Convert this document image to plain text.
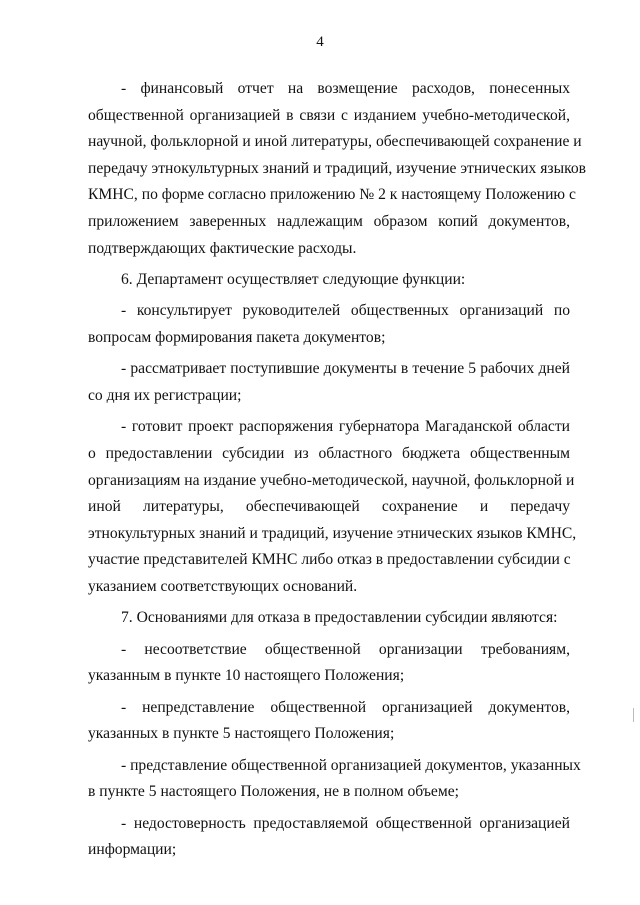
4

- финансовый отчет на возмещение расходов, понесенных
общественной организацией в связи с изданием учебно-методической,
научной, фольклорной и иной литературы, обеспечивающей сохранение и
передачу этнокультурных знаний и традиций, изучение этнических языков
КМНС, по форме согласно приложению № 2 к настоящему Положению с
приложением заверенных надлежащим образом копий документов,
подтверждающих фактические расходы.

6. Департамент осуществляет следующие функции:

- консультирует руководителей общественных организаций по
вопросам формирования пакета документов;

- рассматривает поступившие документы в течение 5 рабочих дней
со дня их регистрации;

- готовит проект распоряжения губернатора Магаданской области
о предоставлении субсидии из областного бюджета общественным
организациям на издание учебно-методической, научной, фольклорной и
иной литературы, обеспечивающей сохранение и передачу
этнокультурных знаний и традиций, изучение этнических языков КМНС,
участие представителей КМНС либо отказ в предоставлении субсидии с
указанием соответствующих оснований.

7. Основаниями для отказа в предоставлении субсидии являются:

- несоответствие общественной организации требованиям,
указанным в пункте 10 настоящего Положения;

- непредставление общественной организацией документов,
указанных в пункте 5 настоящего Положения;

- представление общественной организацией документов, указанных
в пункте 5 настоящего Положения, не в полном объеме;

- недостоверность предоставляемой общественной организацией
информации;
